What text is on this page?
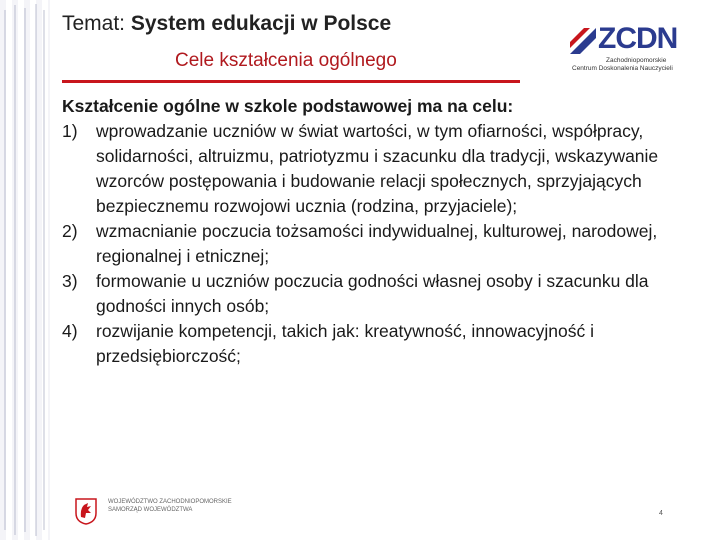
Temat: System edukacji w Polsce
Cele kształcenia ogólnego
ZCDN
Zachodniopomorskie
Centrum Doskonalenia Nauczycieli
Kształcenie ogólne w szkole podstawowej ma na celu:
1)	wprowadzanie uczniów w świat wartości, w tym ofiarności, współpracy, solidarności, altruizmu, patriotyzmu i szacunku dla tradycji, wskazywanie wzorców postępowania i budowanie relacji społecznych, sprzyjających bezpiecznemu rozwojowi ucznia (rodzina, przyjaciele);
2)	wzmacnianie poczucia tożsamości indywidualnej, kulturowej, narodowej, regionalnej i etnicznej;
3)	formowanie u uczniów poczucia godności własnej osoby i szacunku dla godności innych osób;
4)	rozwijanie kompetencji, takich jak: kreatywność, innowacyjność i przedsiębiorczość;
WOJEWÓDZTWO ZACHODNIOPOMORSKIE
SAMORZĄD WOJEWÓDZTWA	4
